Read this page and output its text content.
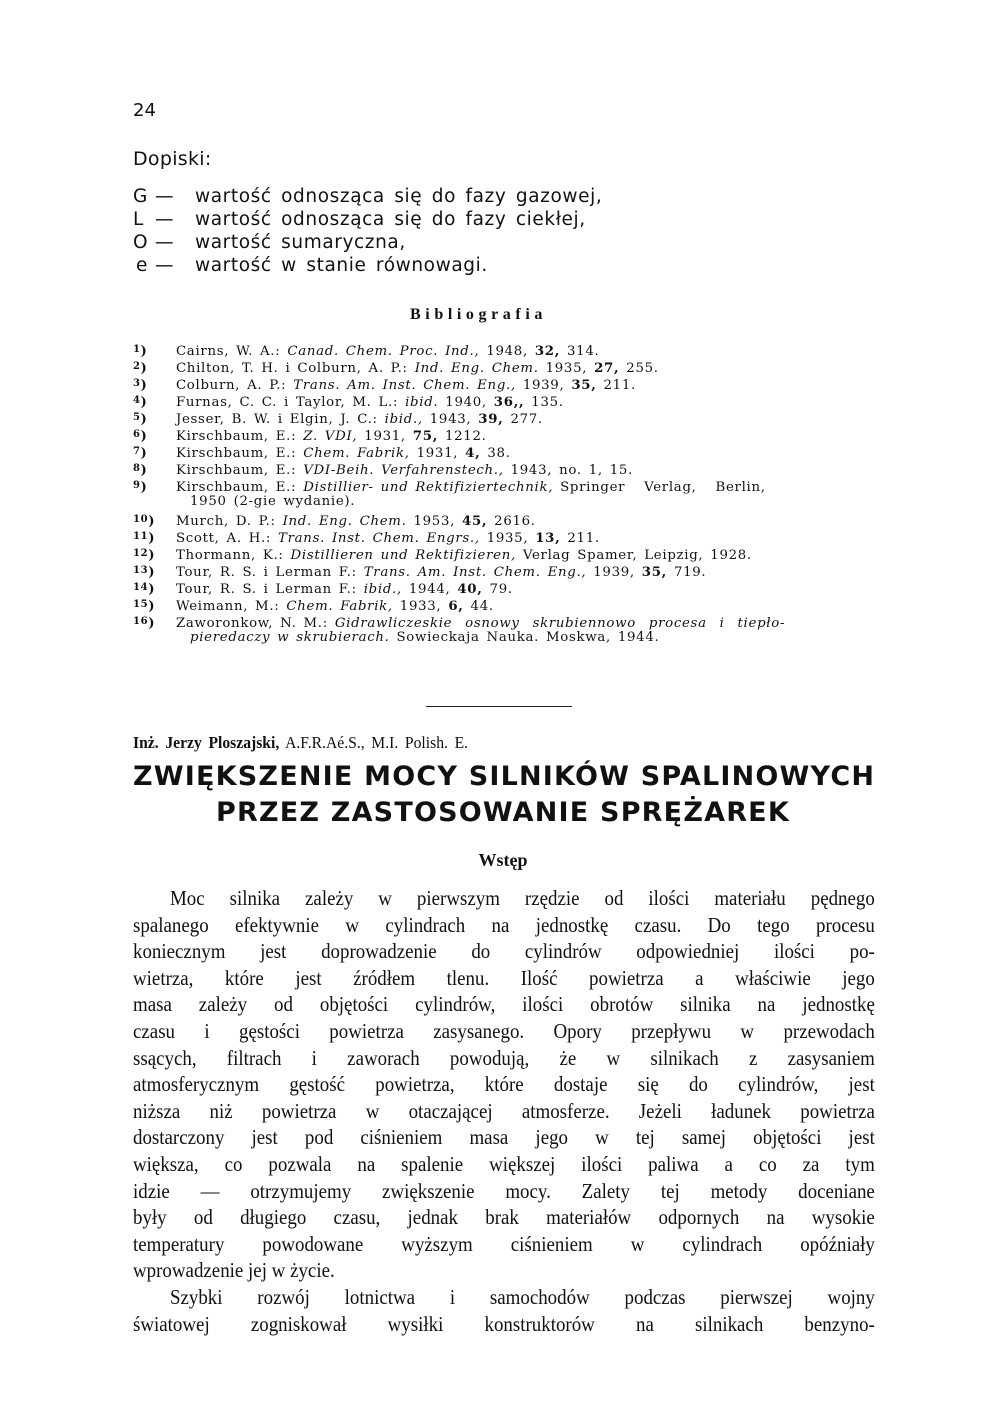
24
Dopiski:
G — wartość odnosząca się do fazy gazowej,
L — wartość odnosząca się do fazy ciekłej,
O — wartość sumaryczna,
e — wartość w stanie równowagi.
Bibliografia
1) Cairns, W. A.: Canad. Chem. Proc. Ind., 1948, 32, 314.
2) Chilton, T. H. i Colburn, A. P.: Ind. Eng. Chem. 1935, 27, 255.
3) Colburn, A. P.: Trans. Am. Inst. Chem. Eng., 1939, 35, 211.
4) Furnas, C. C. i Taylor, M. L.: ibid. 1940, 36,, 135.
5) Jesser, B. W. i Elgin, J. C.: ibid., 1943, 39, 277.
6) Kirschbaum, E.: Z. VDI, 1931, 75, 1212.
7) Kirschbaum, E.: Chem. Fabrik, 1931, 4, 38.
8) Kirschbaum, E.: VDI-Beih. Verfahrenstech., 1943, no. 1, 15.
9) Kirschbaum, E.: Distillier- und Rektifiziertechnik, Springer Verlag, Berlin,
1950 (2-gie wydanie).
10) Murch, D. P.: Ind. Eng. Chem. 1953, 45, 2616.
11) Scott, A. H.: Trans. Inst. Chem. Engrs., 1935, 13, 211.
12) Thormann, K.: Distillieren und Rektifizieren, Verlag Spamer, Leipzig, 1928.
13) Tour, R. S. i Lerman F.: Trans. Am. Inst. Chem. Eng., 1939, 35, 719.
14) Tour, R. S. i Lerman F.: ibid., 1944, 40, 79.
15) Weimann, M.: Chem. Fabrik, 1933, 6, 44.
16) Zaworonkow, N. M.: Gidrawliczeskie osnowy skrubiennowo procesa i tiepło-
pieredaczy w skrubierach. Sowieckaja Nauka. Moskwa, 1944.
Inż. Jerzy Ploszajski, A.F.R.Aé.S., M.I. Polish. E.
ZWIĘKSZENIE MOCY SILNIKÓW SPALINOWYCH
PRZEZ ZASTOSOWANIE SPRĘŻAREK
Wstęp
Moc silnika zależy w pierwszym rzędzie od ilości materiału pędnego
spalanego efektywnie w cylindrach na jednostkę czasu. Do tego procesu
koniecznym jest doprowadzenie do cylindrów odpowiedniej ilości po-
wietrza, które jest źródłem tlenu. Ilość powietrza a właściwie jego
masa zależy od objętości cylindrów, ilości obrotów silnika na jednostkę
czasu i gęstości powietrza zasysanego. Opory przepływu w przewodach
ssących, filtrach i zaworach powodują, że w silnikach z zasysaniem
atmosferycznym gęstość powietrza, które dostaje się do cylindrów, jest
niższa niż powietrza w otaczającej atmosferze. Jeżeli ładunek powietrza
dostarczony jest pod ciśnieniem masa jego w tej samej objętości jest
większa, co pozwala na spalenie większej ilości paliwa a co za tym
idzie — otrzymujemy zwiększenie mocy. Zalety tej metody doceniane
były od długiego czasu, jednak brak materiałów odpornych na wysokie
temperatury powodowane wyższym ciśnieniem w cylindrach opóźniały
wprowadzenie jej w życie.
Szybki rozwój lotnictwa i samochodów podczas pierwszej wojny
światowej zogniskował wysiłki konstruktorów na silnikach benzyno-
